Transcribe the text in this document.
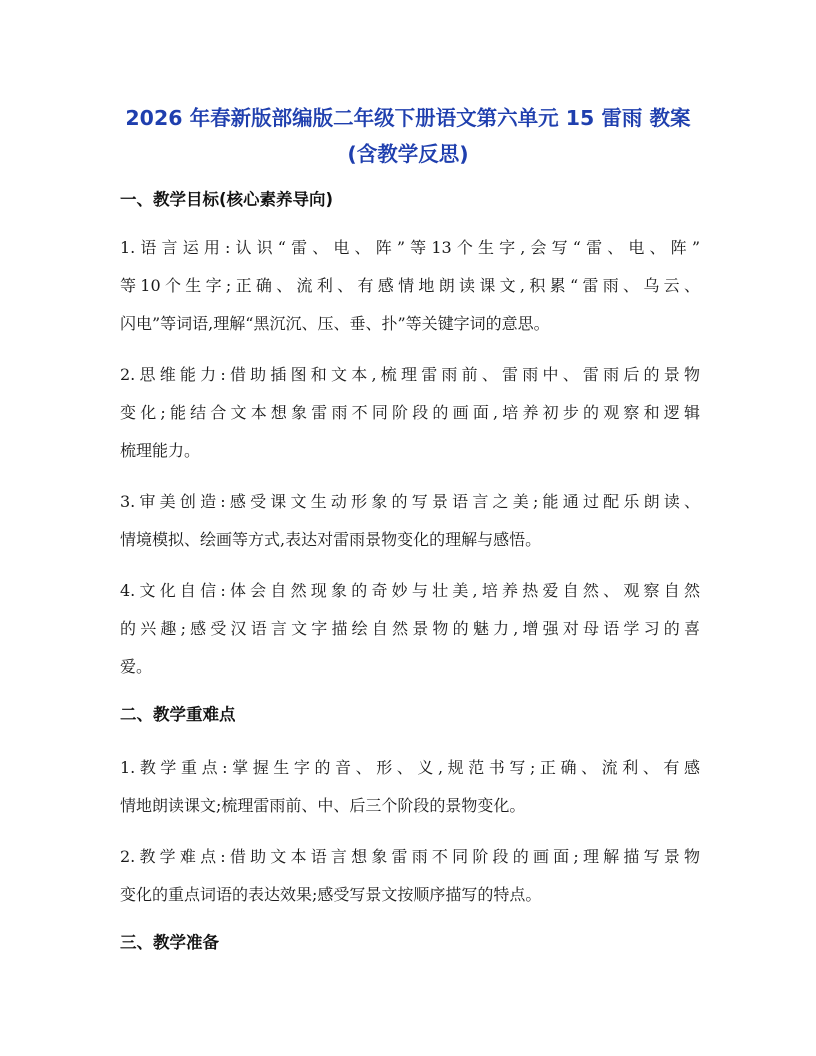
2026 年春新版部编版二年级下册语文第六单元 15 雷雨 教案
(含教学反思)
一、教学目标(核心素养导向)
1.语言运用:认识“雷、电、阵”等13个生字,会写“雷、电、阵”
等10个生字;正确、流利、有感情地朗读课文,积累“雷雨、乌云、
闪电”等词语,理解“黑沉沉、压、垂、扑”等关键字词的意思。
2.思维能力:借助插图和文本,梳理雷雨前、雷雨中、雷雨后的景物
变化;能结合文本想象雷雨不同阶段的画面,培养初步的观察和逻辑
梳理能力。
3.审美创造:感受课文生动形象的写景语言之美;能通过配乐朗读、
情境模拟、绘画等方式,表达对雷雨景物变化的理解与感悟。
4.文化自信:体会自然现象的奇妙与壮美,培养热爱自然、观察自然
的兴趣;感受汉语言文字描绘自然景物的魅力,增强对母语学习的喜
爱。
二、教学重难点
1.教学重点:掌握生字的音、形、义,规范书写;正确、流利、有感
情地朗读课文;梳理雷雨前、中、后三个阶段的景物变化。
2.教学难点:借助文本语言想象雷雨不同阶段的画面;理解描写景物
变化的重点词语的表达效果;感受写景文按顺序描写的特点。
三、教学准备
